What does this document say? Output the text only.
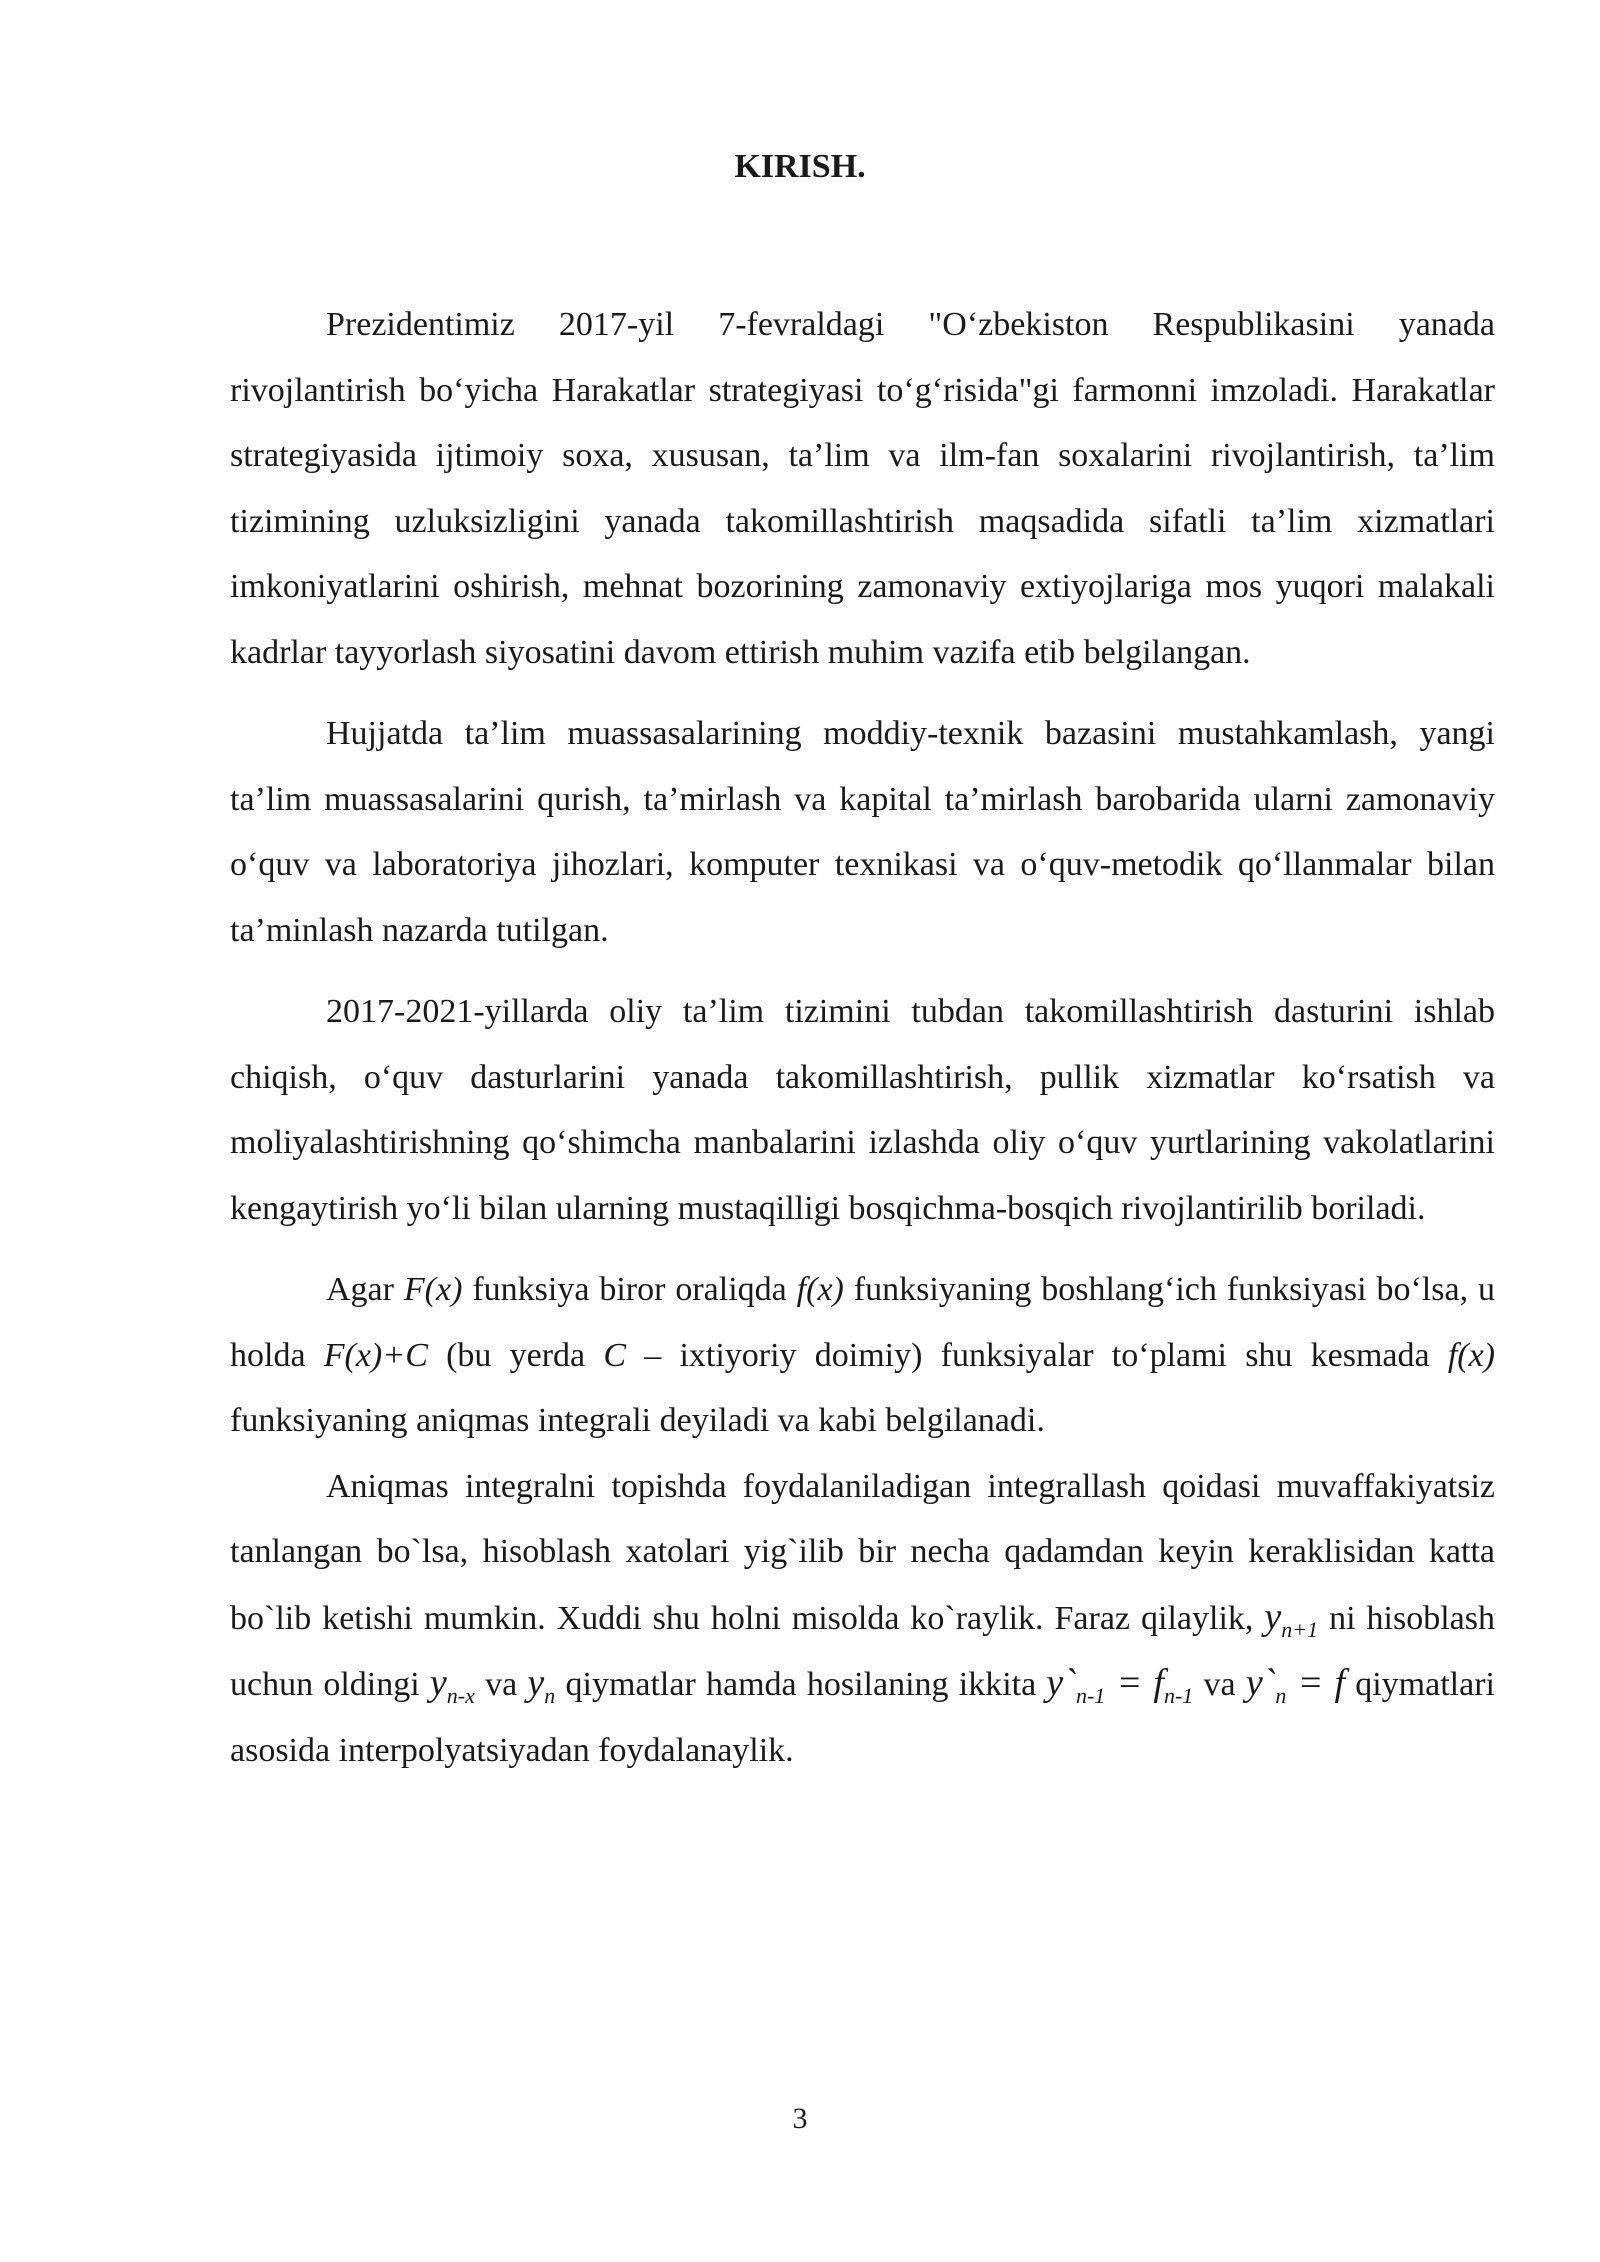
KIRISH.

Prezidentimiz 2017-yil 7-fevraldagi "O‘zbekiston Respublikasini yanada rivojlantirish bo‘yicha Harakatlar strategiyasi to‘g‘risida"gi farmonni imzoladi. Harakatlar strategiyasida ijtimoiy soxa, xususan, ta’lim va ilm-fan soxalarini rivojlantirish, ta’lim tizimining uzluksizligini yanada takomillashtirish maqsadida sifatli ta’lim xizmatlari imkoniyatlarini oshirish, mehnat bozorining zamonaviy extiyojlariga mos yuqori malakali kadrlar tayyorlash siyosatini davom ettirish muhim vazifa etib belgilangan.

Hujjatda ta’lim muassasalarining moddiy-texnik bazasini mustahkamlash, yangi ta’lim muassasalarini qurish, ta’mirlash va kapital ta’mirlash barobarida ularni zamonaviy o‘quv va laboratoriya jihozlari, komputer texnikasi va o‘quv-metodik qo‘llanmalar bilan ta’minlash nazarda tutilgan.

2017-2021-yillarda oliy ta’lim tizimini tubdan takomillashtirish dasturini ishlab chiqish, o‘quv dasturlarini yanada takomillashtirish, pullik xizmatlar ko‘rsatish va moliyalashtirishning qo‘shimcha manbalarini izlashda oliy o‘quv yurtlarining vakolatlarini kengaytirish yo‘li bilan ularning mustaqilligi bosqichma-bosqich rivojlantirilib boriladi.

Agar F(x) funksiya biror oraliqda f(x) funksiyaning boshlang‘ich funksiyasi bo‘lsa, u holda F(x)+C (bu yerda C – ixtiyoriy doimiy) funksiyalar to‘plami shu kesmada f(x) funksiyaning aniqmas integrali deyiladi va kabi belgilanadi.

Aniqmas integralni topishda foydalaniladigan integrallash qoidasi muvaffakiyatsiz tanlangan bo`lsa, hisoblash xatolari yig`ilib bir necha qadamdan keyin keraklisidan katta bo`lib ketishi mumkin. Xuddi shu holni misolda ko`raylik. Faraz qilaylik, $y_{n+1}$ ni hisoblash uchun oldingi $y_{n-x}$ va $y_n$ qiymatlar hamda hosilaning ikkita $y`_{n-1} = f_{n-1}$ va $y`_n = f$ qiymatlari asosida interpolyatsiyadan foydalanaylik.

3
